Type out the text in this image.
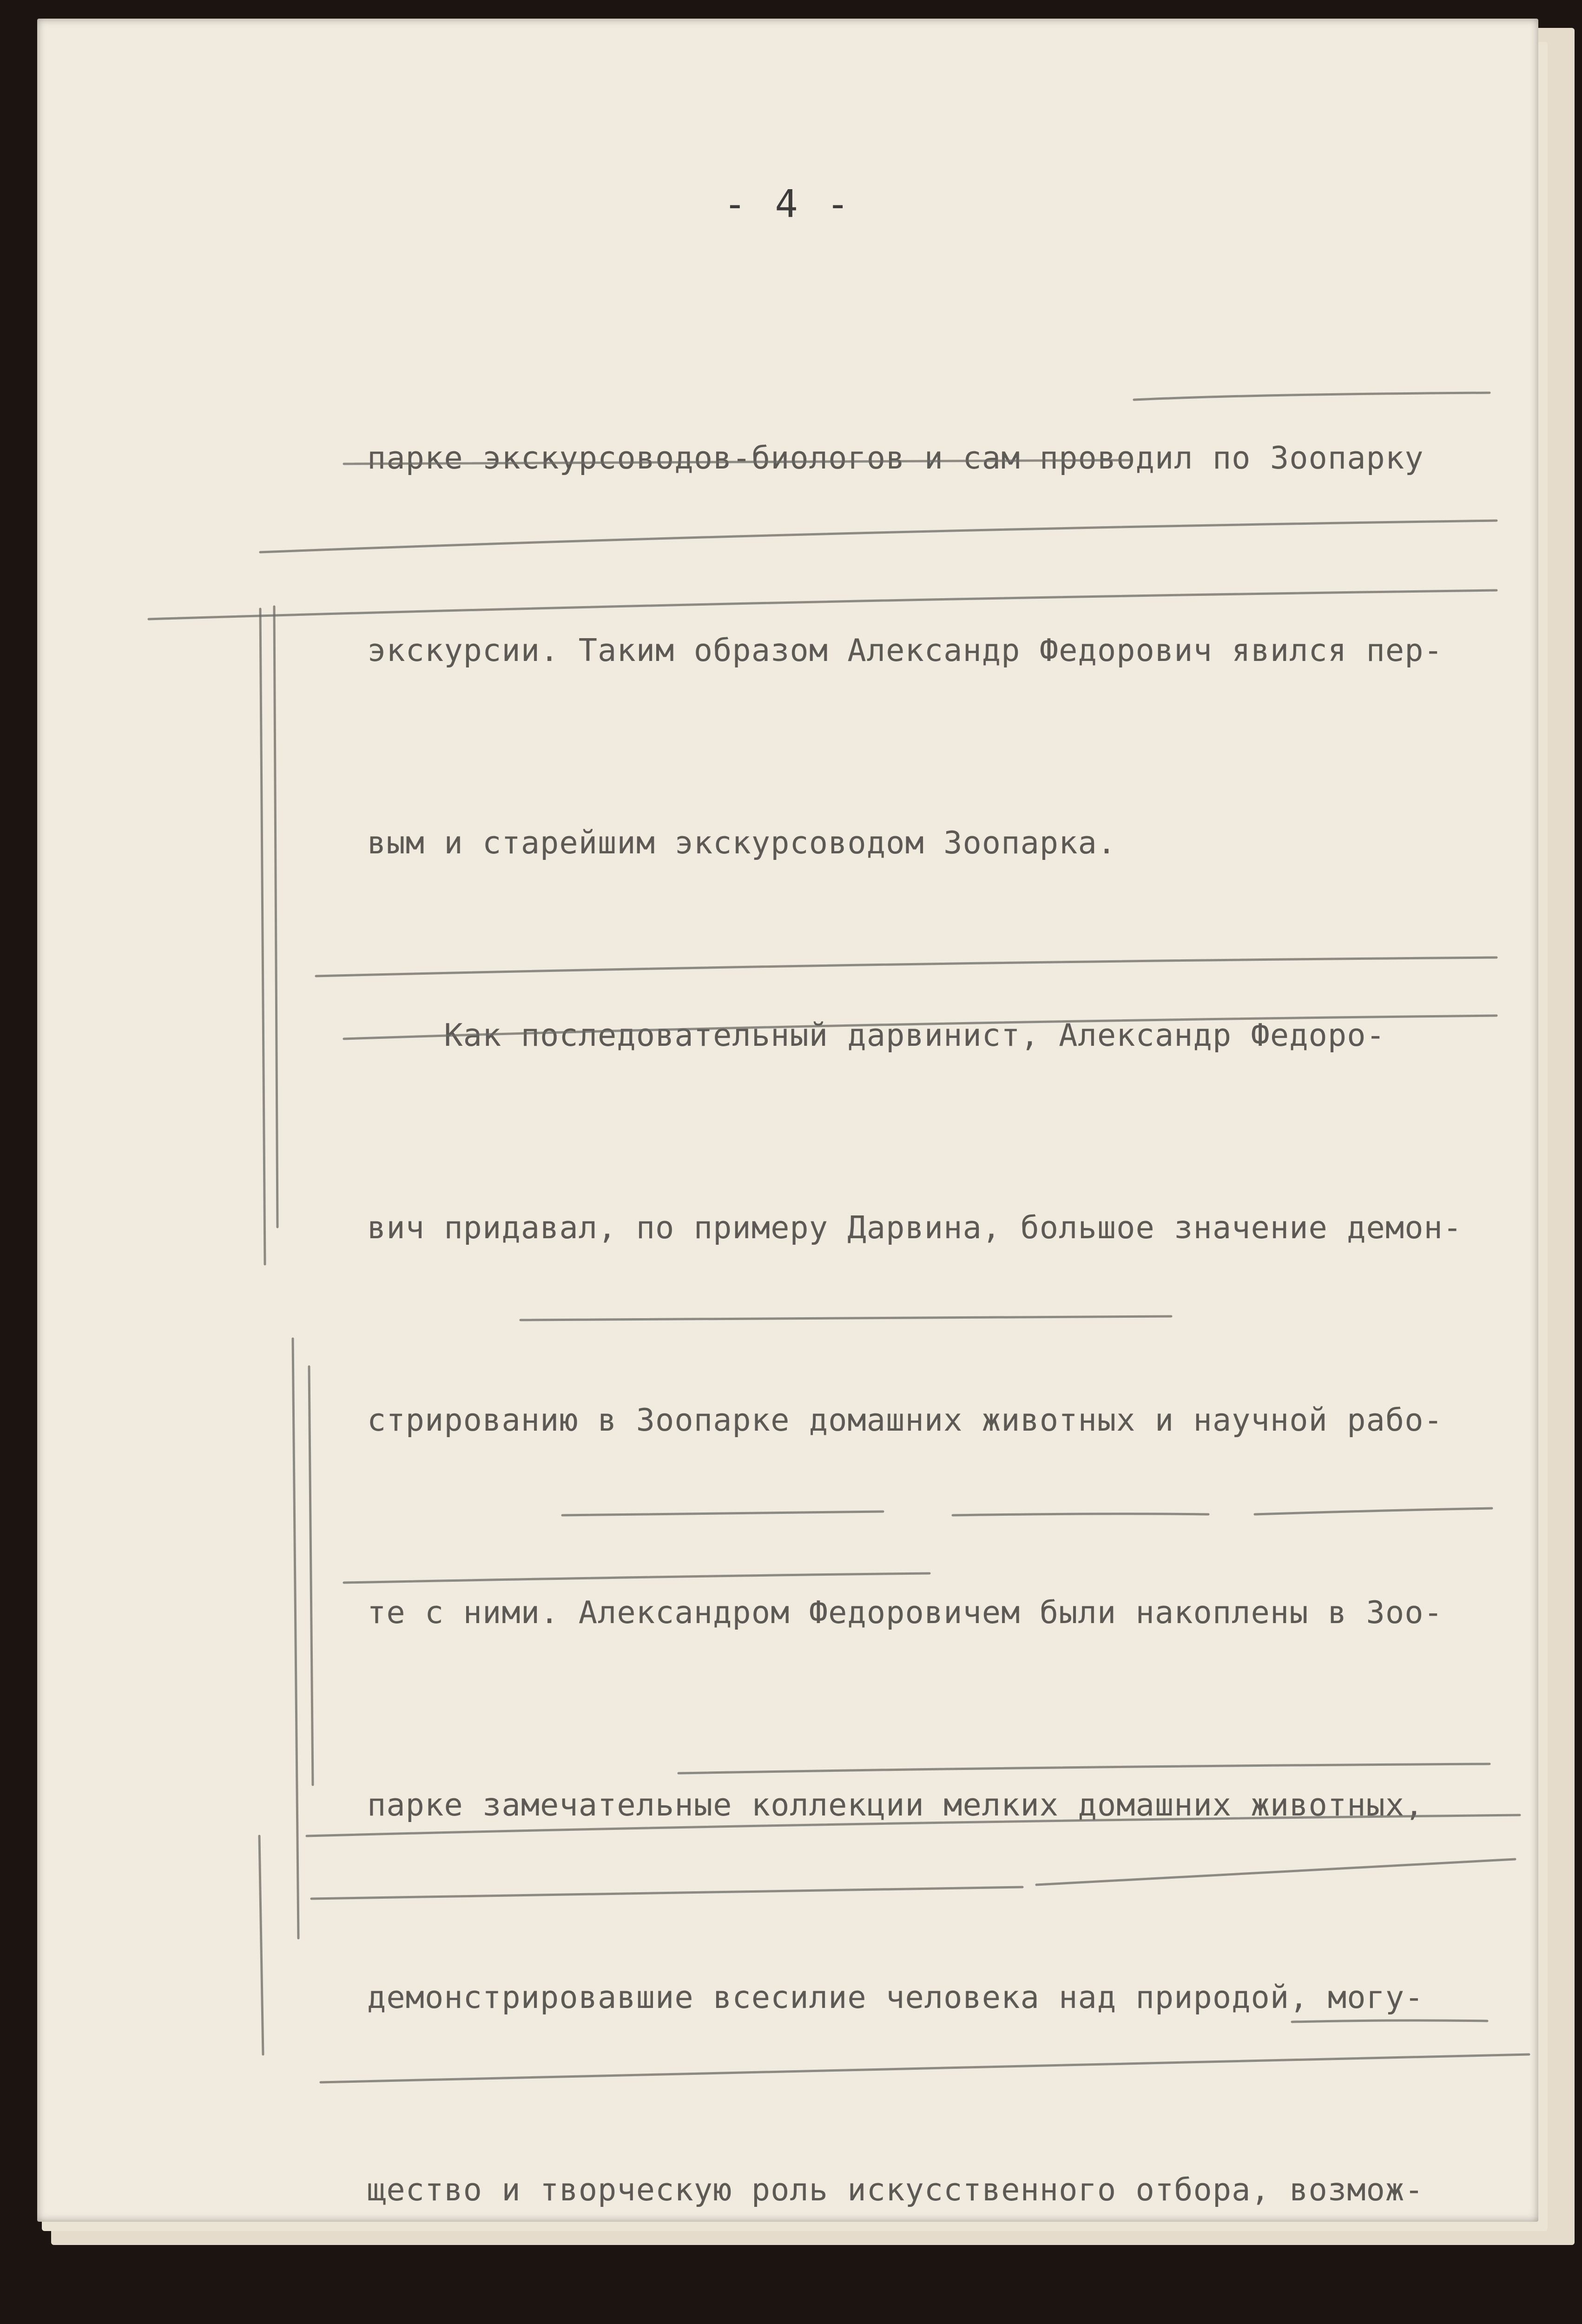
- 4 -

парке экскурсоводов-биологов и сам проводил по Зоопарку

экскурсии. Таким образом Александр Федорович явился пер-

вым и старейшим экскурсоводом Зоопарка.

Как последовательный дарвинист, Александр Федоро-

вич придавал, по примеру Дарвина, большое значение демон-

стрированию в Зоопарке домашних животных и научной рабо-

те с ними. Александром Федоровичем были накоплены в Зоо-

парке замечательные коллекции мелких домашних животных,

демонстрировавшие всесилие человека над природой, могу-

щество и творческую роль искусственного отбора, возмож-
